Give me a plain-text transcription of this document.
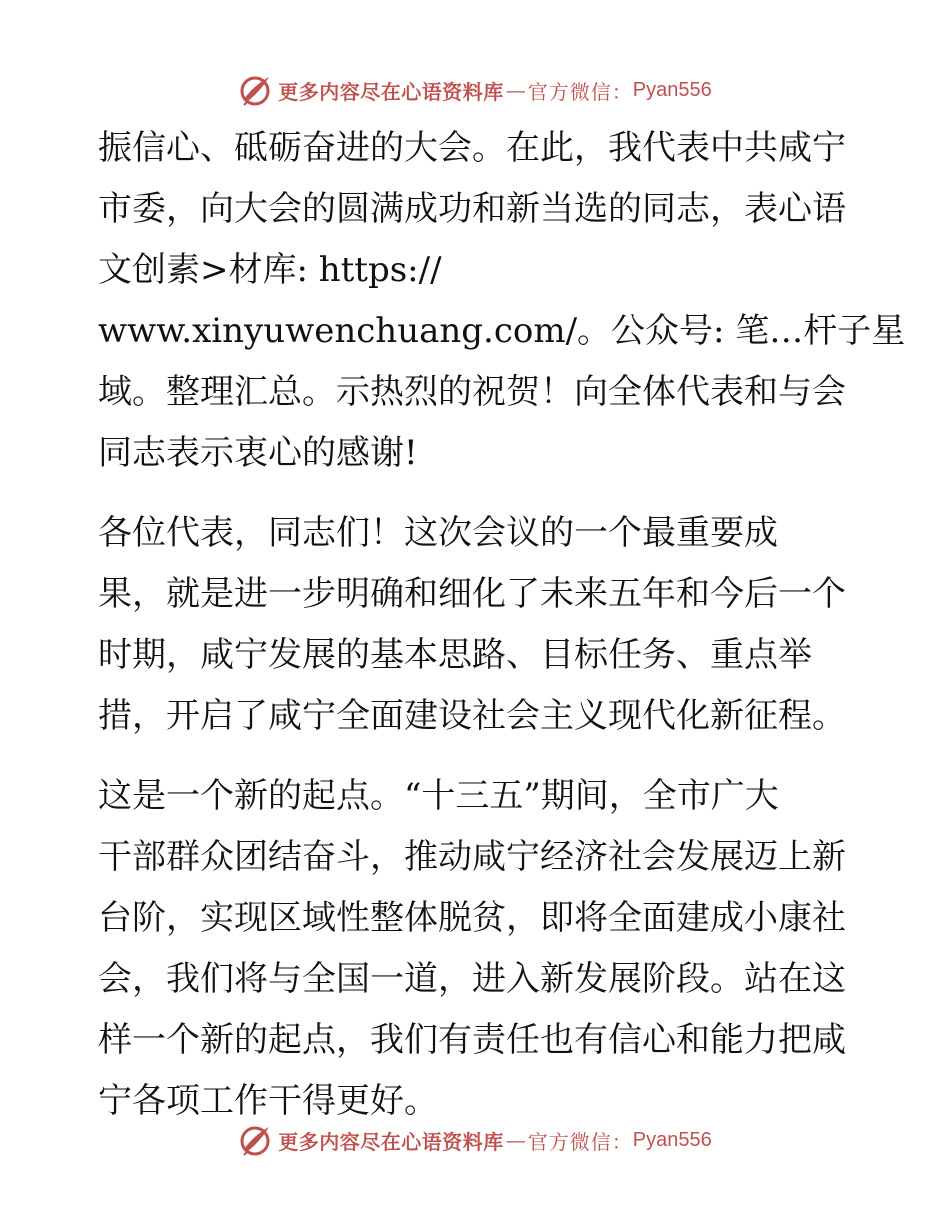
更多内容尽在心语资料库 — 官方微信： Pyan556
振信心、砥砺奋进的大会。在此，我代表中共咸宁
市委，向大会的圆满成功和新当选的同志，表心语
文创素>材库: https://
www.xinyuwenchuang.com/。公众号: 笔…杆子星
域。整理汇总。示热烈的祝贺！向全体代表和与会
同志表示衷心的感谢!
各位代表，同志们！这次会议的一个最重要成
果，就是进一步明确和细化了未来五年和今后一个
时期，咸宁发展的基本思路、目标任务、重点举
措，开启了咸宁全面建设社会主义现代化新征程。
这是一个新的起点。“十三五”期间，全市广大
干部群众团结奋斗，推动咸宁经济社会发展迈上新
台阶，实现区域性整体脱贫，即将全面建成小康社
会，我们将与全国一道，进入新发展阶段。站在这
样一个新的起点，我们有责任也有信心和能力把咸
宁各项工作干得更好。
更多内容尽在心语资料库 — 官方微信： Pyan556
